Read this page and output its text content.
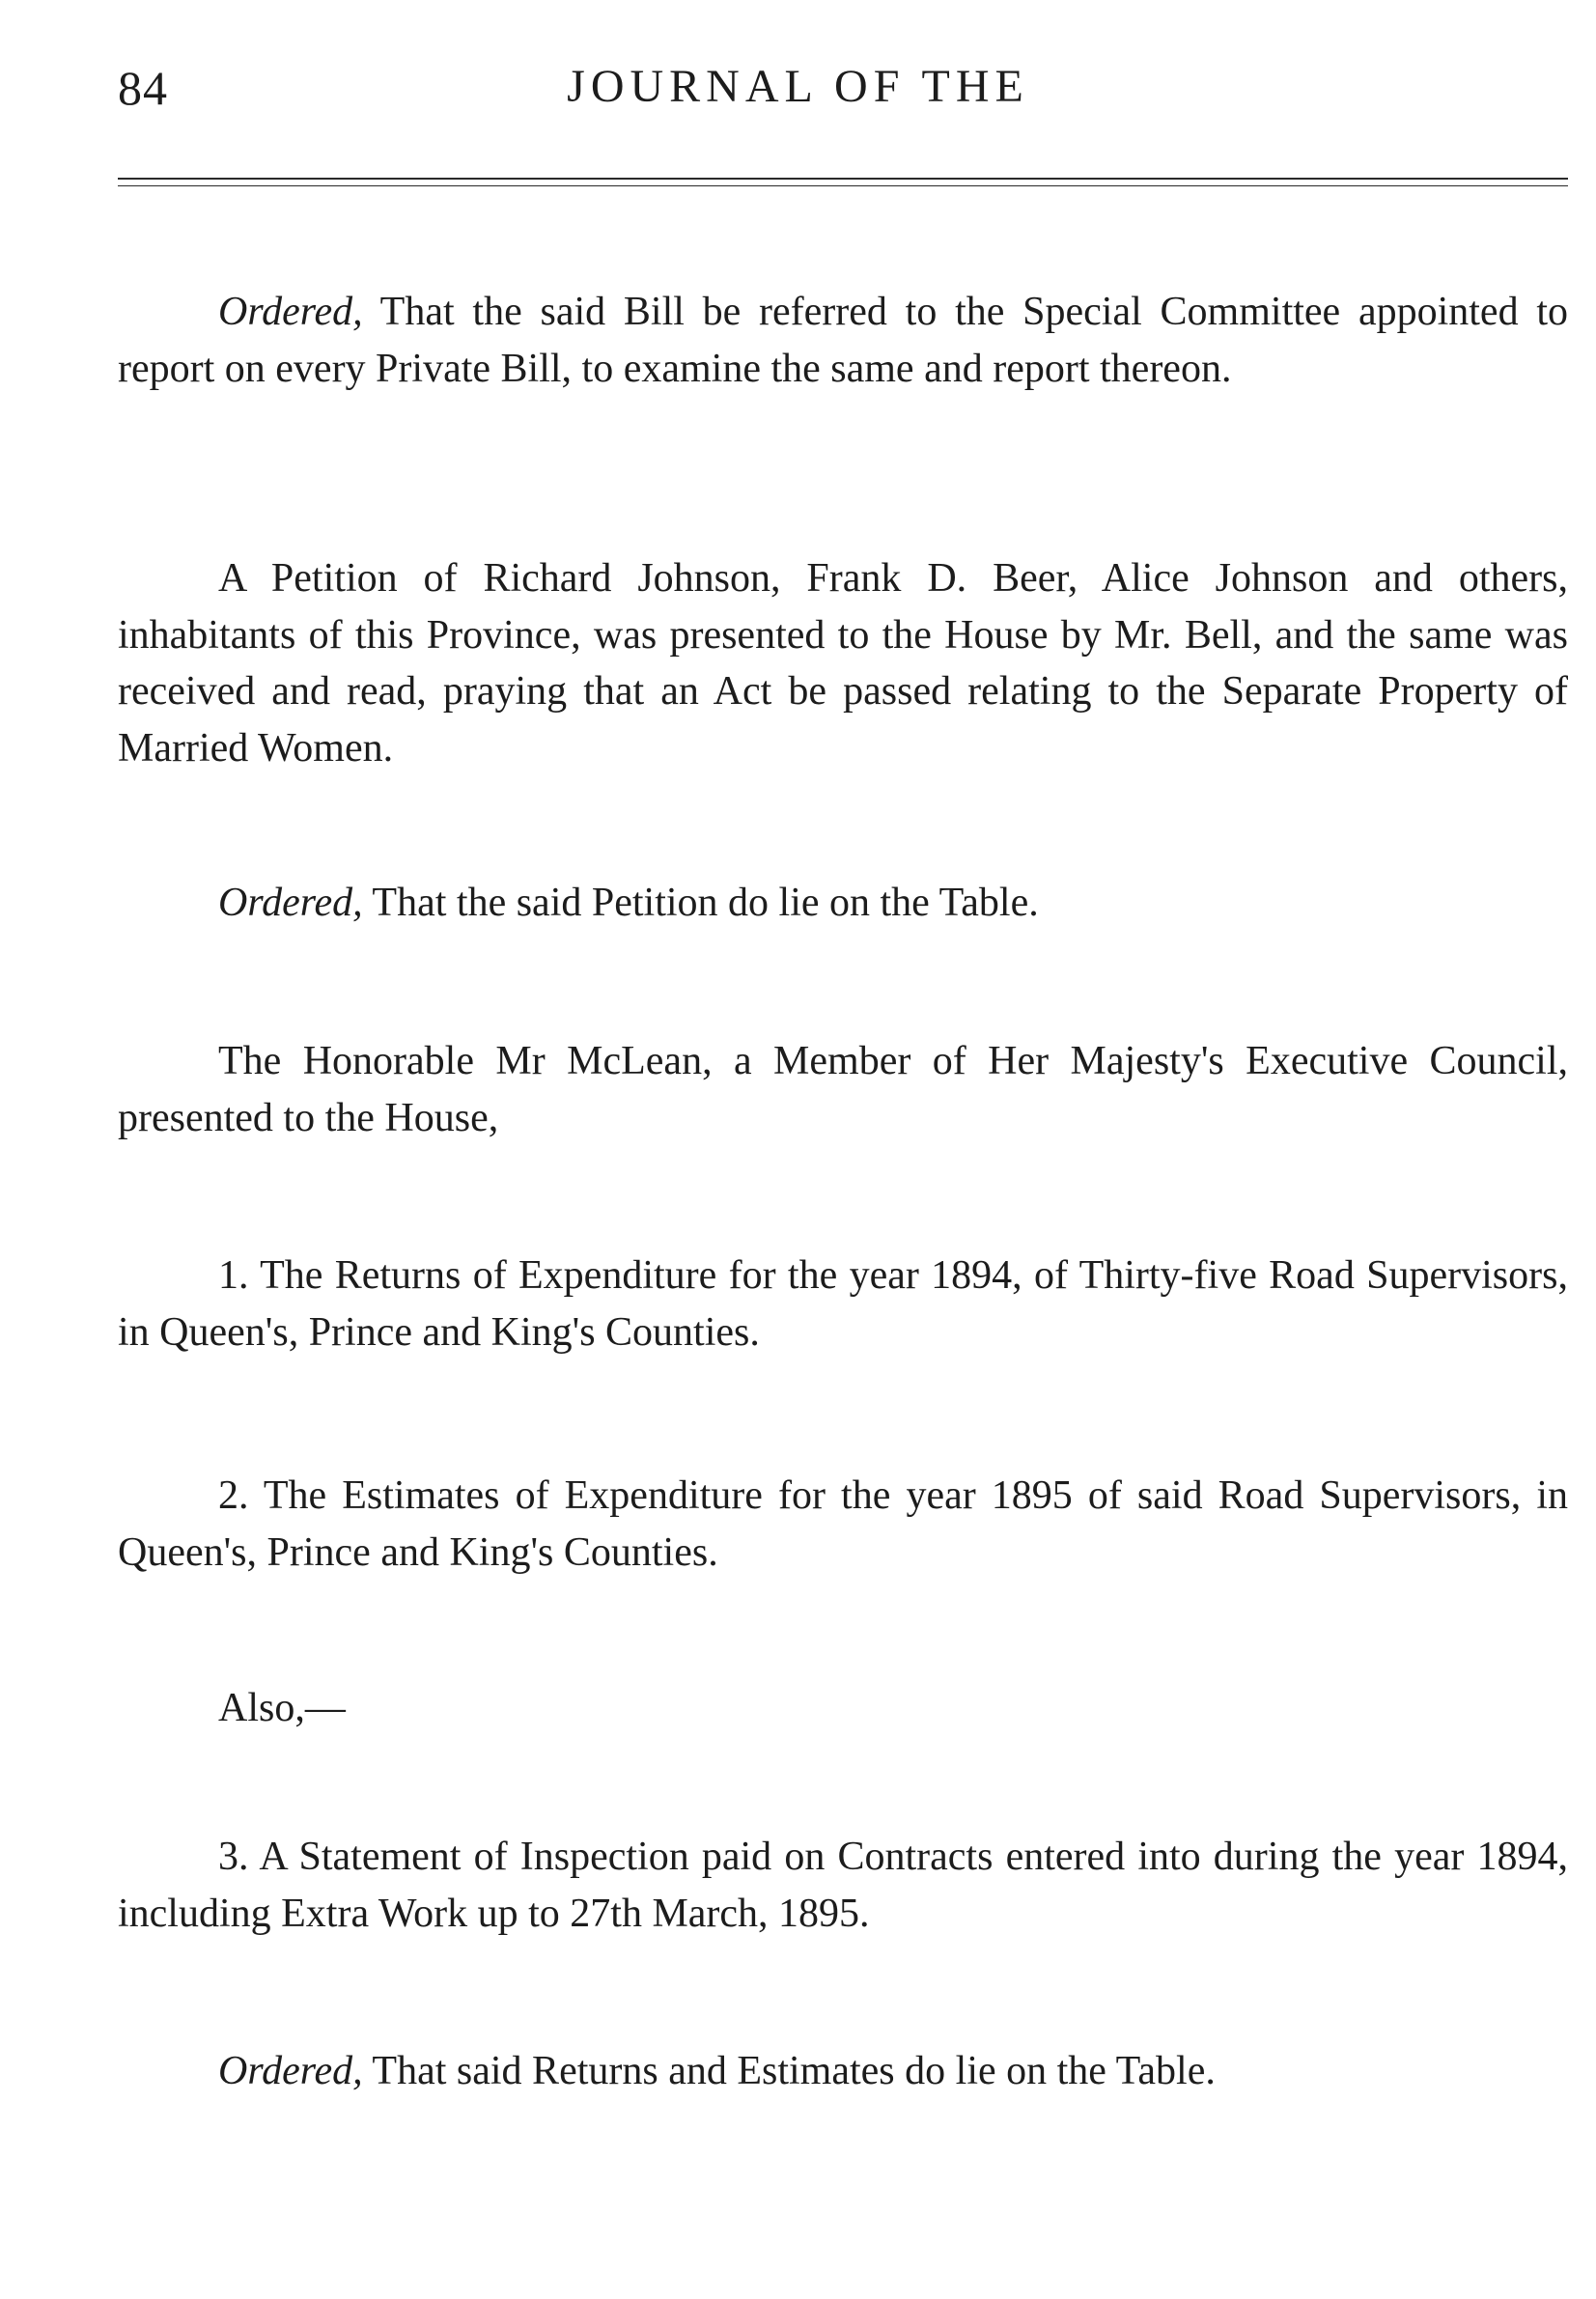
84	JOURNAL OF THE
Ordered, That the said Bill be referred to the Special Committee appointed to report on every Private Bill, to examine the same and report thereon.
A Petition of Richard Johnson, Frank D. Beer, Alice Johnson and others, inhabitants of this Province, was presented to the House by Mr. Bell, and the same was received and read, praying that an Act be passed relating to the Separate Property of Married Women.
Ordered, That the said Petition do lie on the Table.
The Honorable Mr McLean, a Member of Her Majesty's Executive Council, presented to the House,
1. The Returns of Expenditure for the year 1894, of Thirty-five Road Supervisors, in Queen's, Prince and King's Counties.
2. The Estimates of Expenditure for the year 1895 of said Road Supervisors, in Queen's, Prince and King's Counties.
Also,—
3. A Statement of Inspection paid on Contracts entered into during the year 1894, including Extra Work up to 27th March, 1895.
Ordered, That said Returns and Estimates do lie on the Table.
